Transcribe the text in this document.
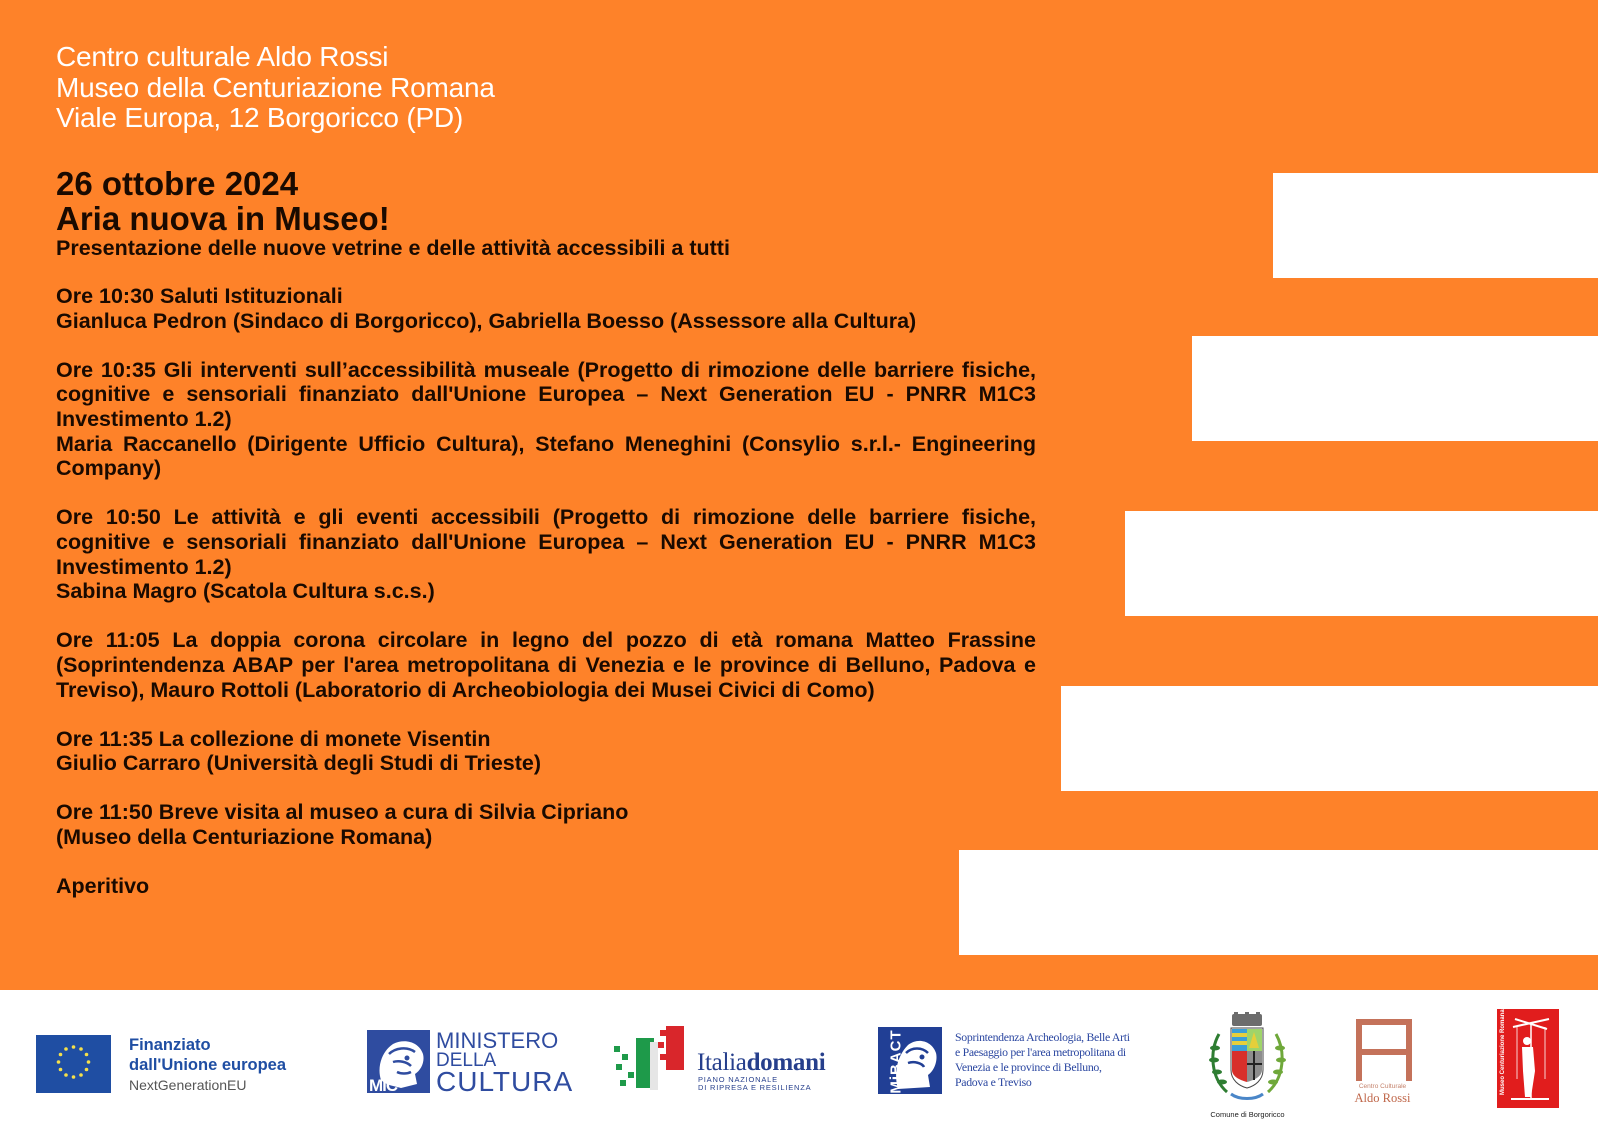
Centro culturale Aldo Rossi
Museo della Centuriazione Romana
Viale Europa, 12 Borgoricco (PD)
26 ottobre 2024
Aria nuova in Museo!
Presentazione delle nuove vetrine e delle attività accessibili a tutti

Ore 10:30 Saluti Istituzionali

Gianluca Pedron (Sindaco di Borgoricco), Gabriella Boesso (Assessore alla Cultura)

Ore 10:35 Gli interventi sull’accessibilità museale (Progetto di rimozione delle barriere fisiche, cognitive e sensoriali finanziato dall'Unione Europea – Next Generation EU - PNRR M1C3 Investimento 1.2)

Maria Raccanello (Dirigente Ufficio Cultura), Stefano Meneghini (Consylio s.r.l.- Engineering Company)

Ore 10:50 Le attività e gli eventi accessibili (Progetto di rimozione delle barriere fisiche, cognitive e sensoriali finanziato dall'Unione Europea – Next Generation EU - PNRR M1C3 Investimento 1.2)

Sabina Magro (Scatola Cultura s.c.s.)

Ore 11:05 La doppia corona circolare in legno del pozzo di età romana Matteo Frassine (Soprintendenza ABAP per l'area metropolitana di Venezia e le province di Belluno, Padova e Treviso), Mauro Rottoli (Laboratorio di Archeobiologia dei Musei Civici di Como)

Ore 11:35 La collezione di monete Visentin

Giulio Carraro (Università degli Studi di Trieste)

Ore 11:50 Breve visita al museo a cura di Silvia Cipriano

(Museo della Centuriazione Romana)

Aperitivo
Finanziato
dall'Unione europea
NextGenerationEU	MiC
MINISTERO
DELLA
CULTURA
Italiadomani
PIANO NAZIONALE
DI RIPRESA E RESILIENZA	MiBACT	Soprintendenza Archeologia, Belle Arti
e Paesaggio per l'area metropolitana di
Venezia e le province di Belluno,
Padova e Treviso
Comune di Borgoricco
Centro Culturale
Aldo Rossi
Museo Centuriazione Romana
